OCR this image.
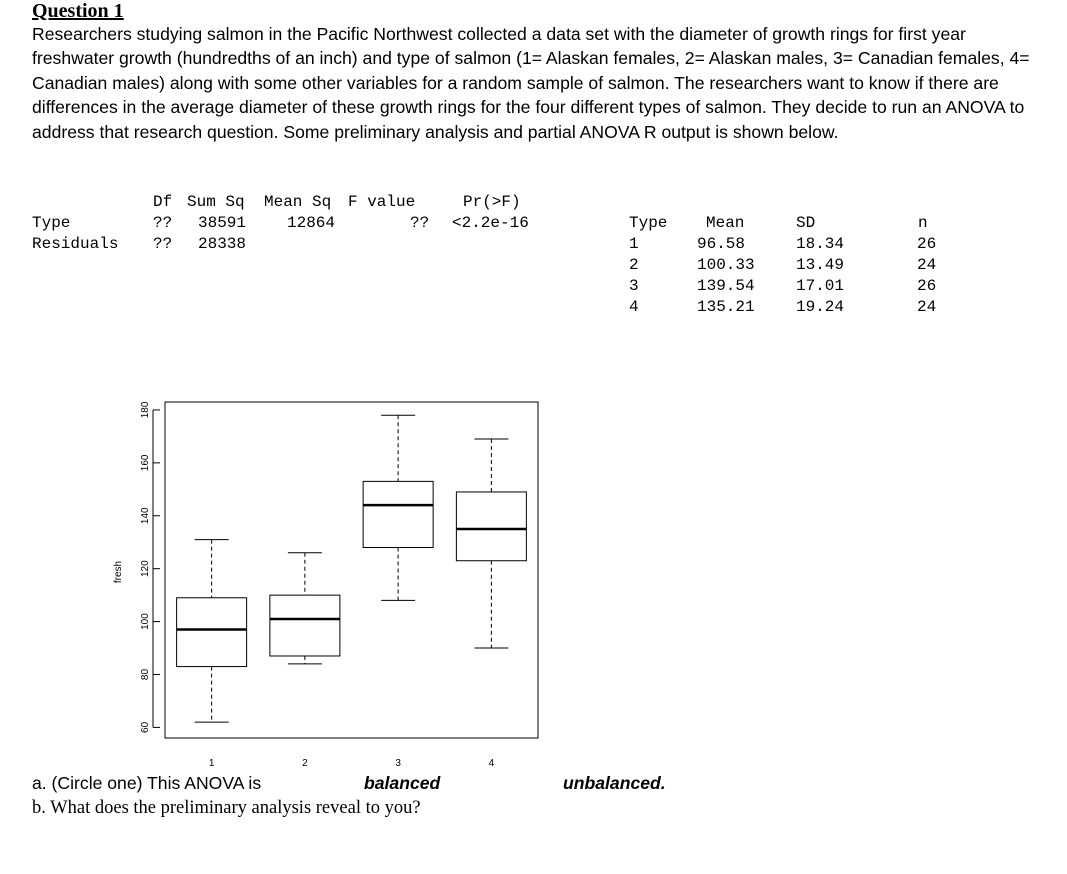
Question 1
Researchers studying salmon in the Pacific Northwest collected a data set with the diameter of growth rings for first year freshwater growth (hundredths of an inch) and type of salmon (1= Alaskan females, 2= Alaskan males, 3= Canadian females, 4= Canadian males) along with some other variables for a random sample of salmon. The researchers want to know if there are differences in the average diameter of these growth rings for the four different types of salmon. They decide to run an ANOVA to address that research question. Some preliminary analysis and partial ANOVA R output is shown below.
Df Sum Sq Mean Sq F value	Pr(>F)
Type	?? 38591	12864	?? <2.2e-16
Residuals ?? 28338
Type Mean	SD	n
1	96.58	18.34	26
2	100.33	13.49	24
3	139.54	17.01	26
4	135.21	19.24	24
60
80
100
120
140
160
180
fresh
1	2	3	4
a. (Circle one) This ANOVA is	balanced	unbalanced.
b. What does the preliminary analysis reveal to you?
